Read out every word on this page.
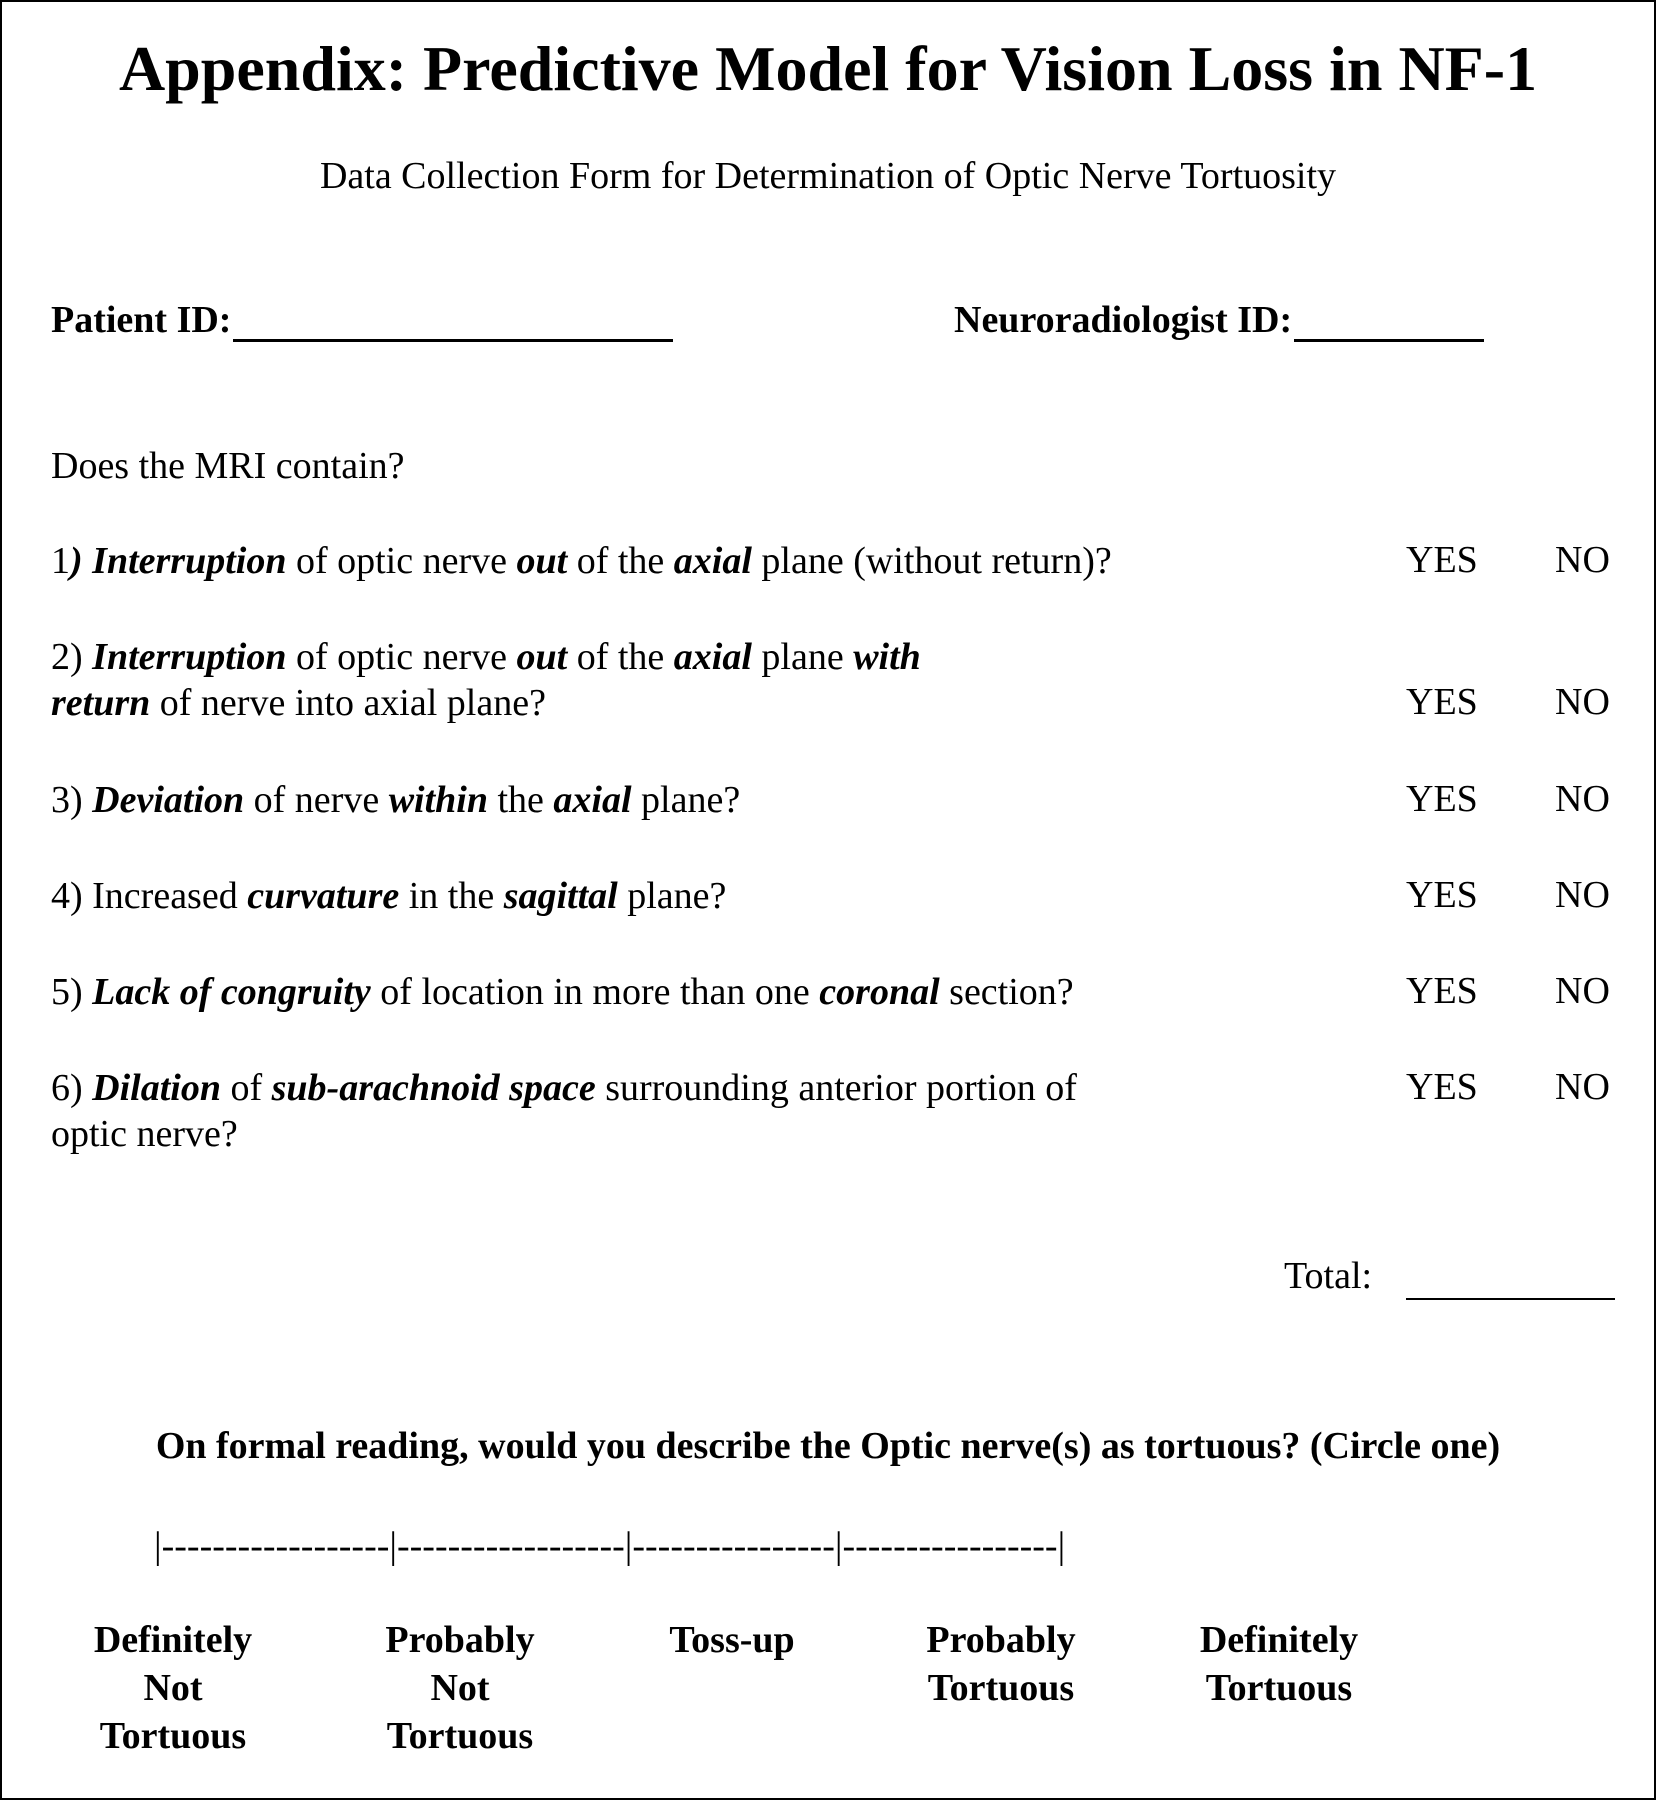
Appendix: Predictive Model for Vision Loss in NF-1
Data Collection Form for Determination of Optic Nerve Tortuosity
Patient ID:	Neuroradiologist ID:
Does the MRI contain?
1) Interruption of optic nerve out of the axial plane (without return)?	YES NO
2) Interruption of optic nerve out of the axial plane with
return of nerve into axial plane?	YES NO
3) Deviation of nerve within the axial plane?	YES NO
4) Increased curvature in the sagittal plane?	YES NO
5) Lack of congruity of location in more than one coronal section?	YES NO
6) Dilation of sub-arachnoid space surrounding anterior portion of
optic nerve?
YES NO
Total:
On formal reading, would you describe the Optic nerve(s) as tortuous? (Circle one)
|------------------|------------------|----------------|-----------------|
Definitely
Not
Tortuous
Probably
Not
Tortuous
Toss-up	Probably
Tortuous
Definitely
Tortuous
